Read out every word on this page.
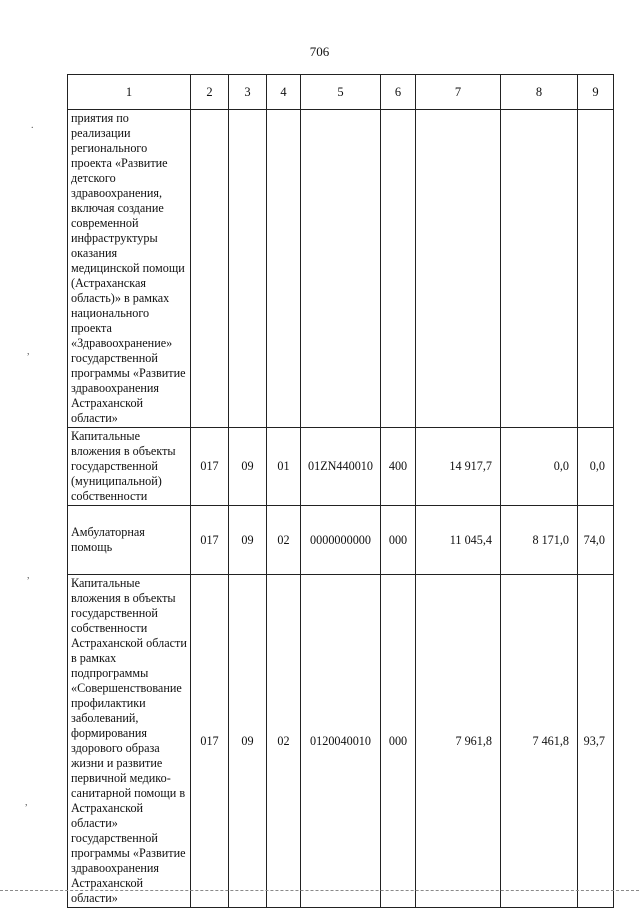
706
1	2	3	4	5	6	7	8	9
приятия по реализации регионального проекта «Развитие детского здравоохранения, включая создание современной инфраструктуры оказания медицинской помощи (Астраханская область)» в рамках национального проекта «Здравоохранение» государственной программы «Развитие здравоохранения Астраханской области»								
Капитальные вложения в объекты государственной (муниципальной) собственности	017	09	01	01ZN440010	400	14 917,7	0,0	0,0
Амбулаторная помощь	017	09	02	0000000000	000	11 045,4	8 171,0	74,0
Капитальные вложения в объекты государственной собственности Астраханской области в рамках подпрограммы «Совершенствование профилактики заболеваний, формирования здорового образа жизни и развитие первичной медико-санитарной помощи в Астраханской области» государственной программы «Развитие здравоохранения Астраханской области»	017	09	02	0120040010	000	7 961,8	7 461,8	93,7
.
,
,
,
